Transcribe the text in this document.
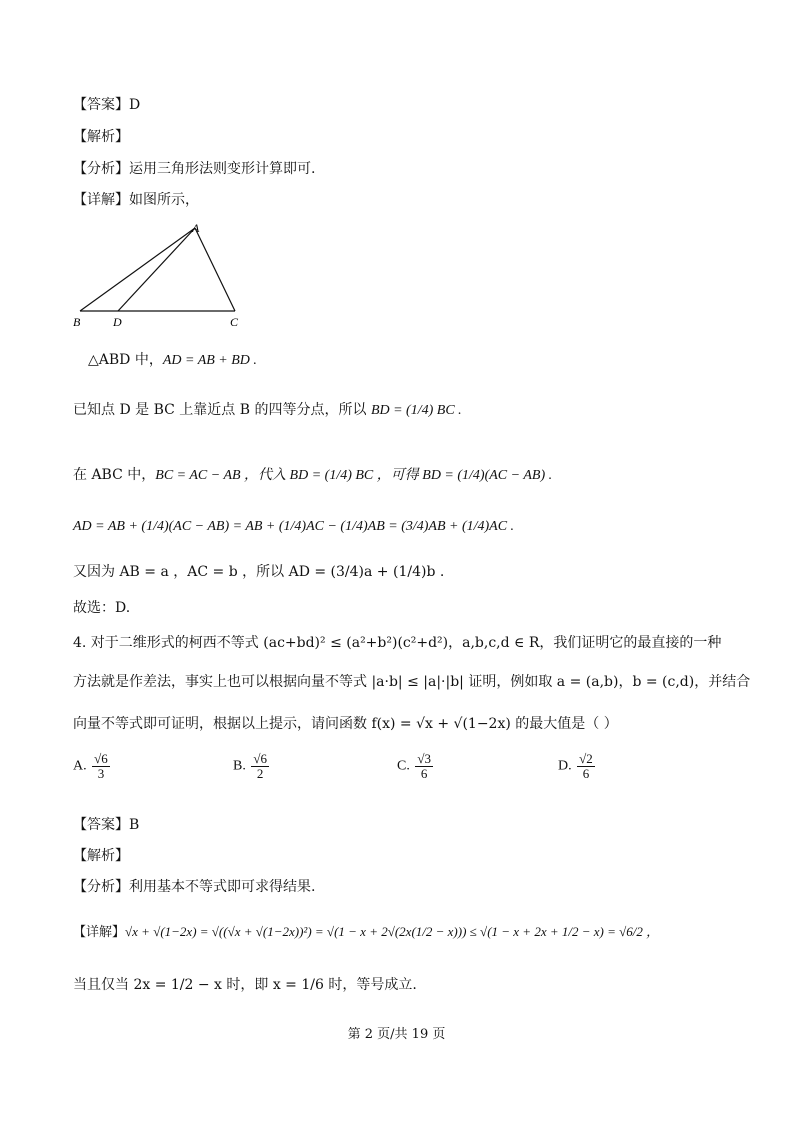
【答案】D
【解析】
【分析】运用三角形法则变形计算即可.
【详解】如图所示，
A
B	D	C
△ABD 中，AD = AB + BD .
已知点 D 是 BC 上靠近点 B 的四等分点，所以 BD = (1/4) BC .
在 ABC 中，BC = AC − AB ，代入 BD = (1/4) BC ，可得 BD = (1/4)(AC − AB) .
AD = AB + (1/4)(AC − AB) = AB + (1/4)AC − (1/4)AB = (3/4)AB + (1/4)AC .
又因为 AB = a ，AC = b ，所以 AD = (3/4)a + (1/4)b .
故选：D.
4. 对于二维形式的柯西不等式 (ac+bd)² ≤ (a²+b²)(c²+d²)，a,b,c,d ∈ R，我们证明它的最直接的一种
方法就是作差法，事实上也可以根据向量不等式 |a·b| ≤ |a|·|b| 证明，例如取 a = (a,b)，b = (c,d)，并结合
向量不等式即可证明，根据以上提示，请问函数 f(x) = √x + √(1−2x) 的最大值是（ ）
A. $\frac{√6}{3}$	B. $\frac{√6}{2}$	C. $\frac{√3}{6}$	D. $\frac{√2}{6}$
【答案】B
【解析】
【分析】利用基本不等式即可求得结果.
【详解】√x + √(1−2x) = √((√x + √(1−2x))²) = √(1 − x + 2√(2x(1/2 − x))) ≤ √(1 − x + 2x + 1/2 − x) = √6/2 ，
当且仅当 2x = 1/2 − x 时，即 x = 1/6 时，等号成立.
第 2 页/共 19 页
